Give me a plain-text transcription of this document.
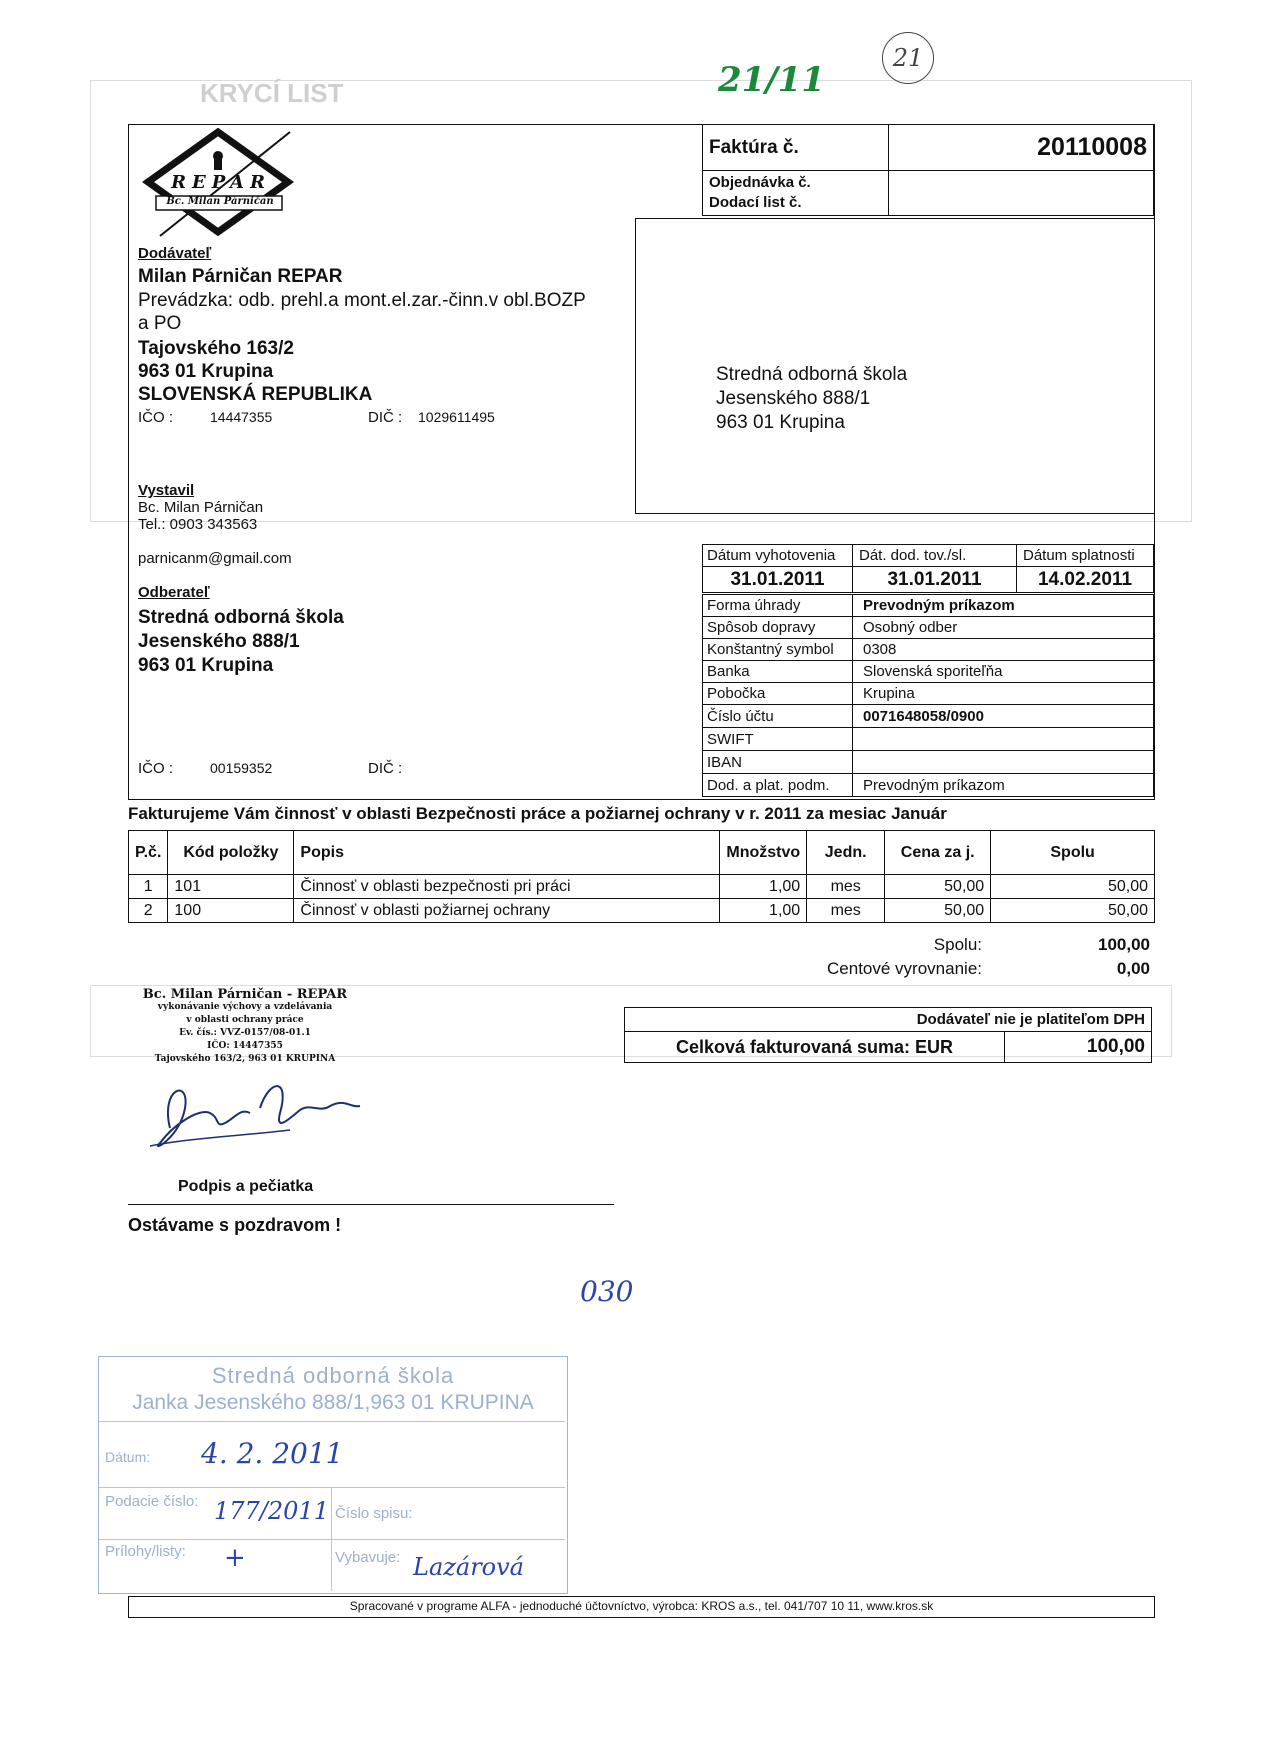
KRYCÍ LIST	21/11
21
REPAR
Bc. Milan Párničan
Faktúra č.	20110008

Objednávka č.
Dodací list č.	

Dodávateľ
Milan Párničan REPAR
Prevádzka: odb. prehl.a mont.el.zar.-činn.v obl.BOZP
a PO
Tajovského 163/2
963 01 Krupina
SLOVENSKÁ REPUBLIKA
IČO :	14447355	DIČ : 1029611495
Vystavil
Bc. Milan Párničan
Tel.: 0903 343563
parnicanm@gmail.com
Stredná odborná škola
Jesenského 888/1
963 01 Krupina
Odberateľ
Stredná odborná škola
Jesenského 888/1
963 01 Krupina
IČO :	00159352	DIČ :
Dátum vyhotovenia	Dát. dod. tov./sl.	Dátum splatnosti
31.01.2011	31.01.2011	14.02.2011
Forma úhrady	Prevodným príkazom
Spôsob dopravy	Osobný odber
Konštantný symbol	0308
Banka	Slovenská sporiteľňa
Pobočka	Krupina
Číslo účtu	0071648058/0900
SWIFT	
IBAN	
Dod. a plat. podm.	Prevodným príkazom
Fakturujeme Vám činnosť v oblasti Bezpečnosti práce a požiarnej ochrany v r. 2011 za mesiac Január
P.č.	Kód položky	Popis	Množstvo	Jedn.	Cena za j.	Spolu
1	101	Činnosť v oblasti bezpečnosti pri práci	1,00	mes	50,00	50,00
2	100	Činnosť v oblasti požiarnej ochrany	1,00	mes	50,00	50,00
Spolu:	100,00
Centové vyrovnanie:	0,00
Dodávateľ nie je platiteľom DPH
Celková fakturovaná suma: EUR	100,00
Bc. Milan Párničan - REPAR
vykonávanie výchovy a vzdelávania
v oblasti ochrany práce
Ev. čís.: VVZ-0157/08-01.1
IČO: 14447355
Tajovského 163/2, 963 01 KRUPINA
Podpis a pečiatka
Ostávame s pozdravom !
030
Stredná odborná škola
Janka Jesenského 888/1,963 01 KRUPINA
Dátum: 4. 2. 2011
Podacie číslo: 177/2011 Číslo spisu:
Prílohy/listy: +	Vybavuje: Lazárová
Spracované v programe ALFA - jednoduché účtovníctvo, výrobca: KROS a.s., tel. 041/707 10 11, www.kros.sk
